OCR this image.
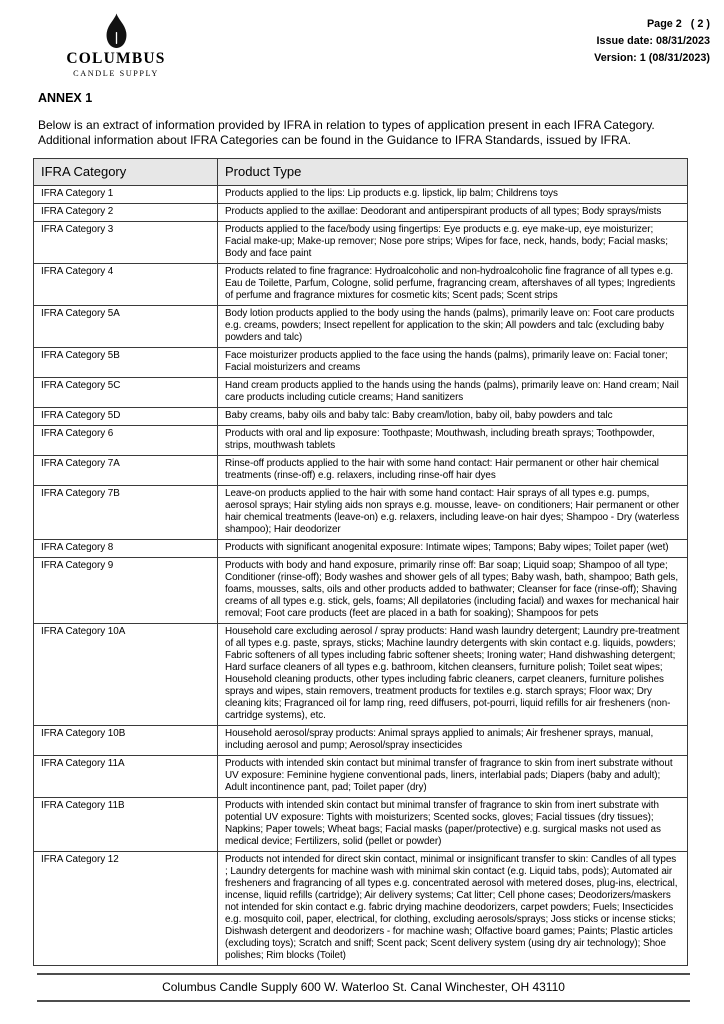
COLUMBUS
CANDLE SUPPLY
Page 2   ( 2 )
Issue date: 08/31/2023
Version: 1 (08/31/2023)
ANNEX 1

Below is an extract of information provided by IFRA in relation to types of application present in each IFRA Category. Additional information about IFRA Categories can be found in the Guidance to IFRA Standards, issued by IFRA.

IFRA Category	Product Type
IFRA Category 1	Products applied to the lips: Lip products e.g. lipstick, lip balm; Childrens toys
IFRA Category 2	Products applied to the axillae: Deodorant and antiperspirant products of all types; Body sprays/mists
IFRA Category 3	Products applied to the face/body using fingertips: Eye products e.g. eye make-up, eye moisturizer; Facial make-up; Make-up remover; Nose pore strips; Wipes for face, neck, hands, body; Facial masks; Body and face paint
IFRA Category 4	Products related to fine fragrance: Hydroalcoholic and non-hydroalcoholic fine fragrance of all types e.g. Eau de Toilette, Parfum, Cologne, solid perfume, fragrancing cream, aftershaves of all types; Ingredients of perfume and fragrance mixtures for cosmetic kits; Scent pads; Scent strips
IFRA Category 5A	Body lotion products applied to the body using the hands (palms), primarily leave on: Foot care products e.g. creams, powders; Insect repellent for application to the skin; All powders and talc (excluding baby powders and talc)
IFRA Category 5B	Face moisturizer products applied to the face using the hands (palms), primarily leave on: Facial toner; Facial moisturizers and creams
IFRA Category 5C	Hand cream products applied to the hands using the hands (palms), primarily leave on: Hand cream; Nail care products including cuticle creams; Hand sanitizers
IFRA Category 5D	Baby creams, baby oils and baby talc: Baby cream/lotion, baby oil, baby powders and talc
IFRA Category 6	Products with oral and lip exposure: Toothpaste; Mouthwash, including breath sprays; Toothpowder, strips, mouthwash tablets
IFRA Category 7A	Rinse-off products applied to the hair with some hand contact: Hair permanent or other hair chemical treatments (rinse-off) e.g. relaxers, including rinse-off hair dyes
IFRA Category 7B	Leave-on products applied to the hair with some hand contact: Hair sprays of all types e.g. pumps, aerosol sprays; Hair styling aids non sprays e.g. mousse, leave- on conditioners; Hair permanent or other hair chemical treatments (leave-on) e.g. relaxers, including leave-on hair dyes; Shampoo - Dry (waterless shampoo); Hair deodorizer
IFRA Category 8	Products with significant anogenital exposure: Intimate wipes; Tampons; Baby wipes; Toilet paper (wet)
IFRA Category 9	Products with body and hand exposure, primarily rinse off: Bar soap; Liquid soap; Shampoo of all type; Conditioner (rinse-off); Body washes and shower gels of all types; Baby wash, bath, shampoo; Bath gels, foams, mousses, salts, oils and other products added to bathwater; Cleanser for face (rinse-off); Shaving creams of all types e.g. stick, gels, foams; All depilatories (including facial) and waxes for mechanical hair removal; Foot care products (feet are placed in a bath for soaking); Shampoos for pets
IFRA Category 10A	Household care excluding aerosol / spray products: Hand wash laundry detergent; Laundry pre-treatment of all types e.g. paste, sprays, sticks; Machine laundry detergents with skin contact e.g. liquids, powders; Fabric softeners of all types including fabric softener sheets; Ironing water; Hand dishwashing detergent; Hard surface cleaners of all types e.g. bathroom, kitchen cleansers, furniture polish; Toilet seat wipes; Household cleaning products, other types including fabric cleaners, carpet cleaners, furniture polishes sprays and wipes, stain removers, treatment products for textiles e.g. starch sprays; Floor wax; Dry cleaning kits; Fragranced oil for lamp ring, reed diffusers, pot-pourri, liquid refills for air fresheners (non-cartridge systems), etc.
IFRA Category 10B	Household aerosol/spray products: Animal sprays applied to animals; Air freshener sprays, manual, including aerosol and pump; Aerosol/spray insecticides
IFRA Category 11A	Products with intended skin contact but minimal transfer of fragrance to skin from inert substrate without UV exposure: Feminine hygiene conventional pads, liners, interlabial pads; Diapers (baby and adult); Adult incontinence pant, pad; Toilet paper (dry)
IFRA Category 11B	Products with intended skin contact but minimal transfer of fragrance to skin from inert substrate with potential UV exposure: Tights with moisturizers; Scented socks, gloves; Facial tissues (dry tissues); Napkins; Paper towels; Wheat bags; Facial masks (paper/protective) e.g. surgical masks not used as medical device; Fertilizers, solid (pellet or powder)
IFRA Category 12	Products not intended for direct skin contact, minimal or insignificant transfer to skin: Candles of all types ; Laundry detergents for machine wash with minimal skin contact (e.g. Liquid tabs, pods); Automated air fresheners and fragrancing of all types e.g. concentrated aerosol with metered doses, plug-ins, electrical, incense, liquid refills (cartridge); Air delivery systems; Cat litter; Cell phone cases; Deodorizers/maskers not intended for skin contact e.g. fabric drying machine deodorizers, carpet powders; Fuels; Insecticides e.g. mosquito coil, paper, electrical, for clothing, excluding aerosols/sprays; Joss sticks or incense sticks; Dishwash detergent and deodorizers - for machine wash; Olfactive board games; Paints; Plastic articles (excluding toys); Scratch and sniff; Scent pack; Scent delivery system (using dry air technology); Shoe polishes; Rim blocks (Toilet)
Columbus Candle Supply 600 W. Waterloo St. Canal Winchester, OH 43110
